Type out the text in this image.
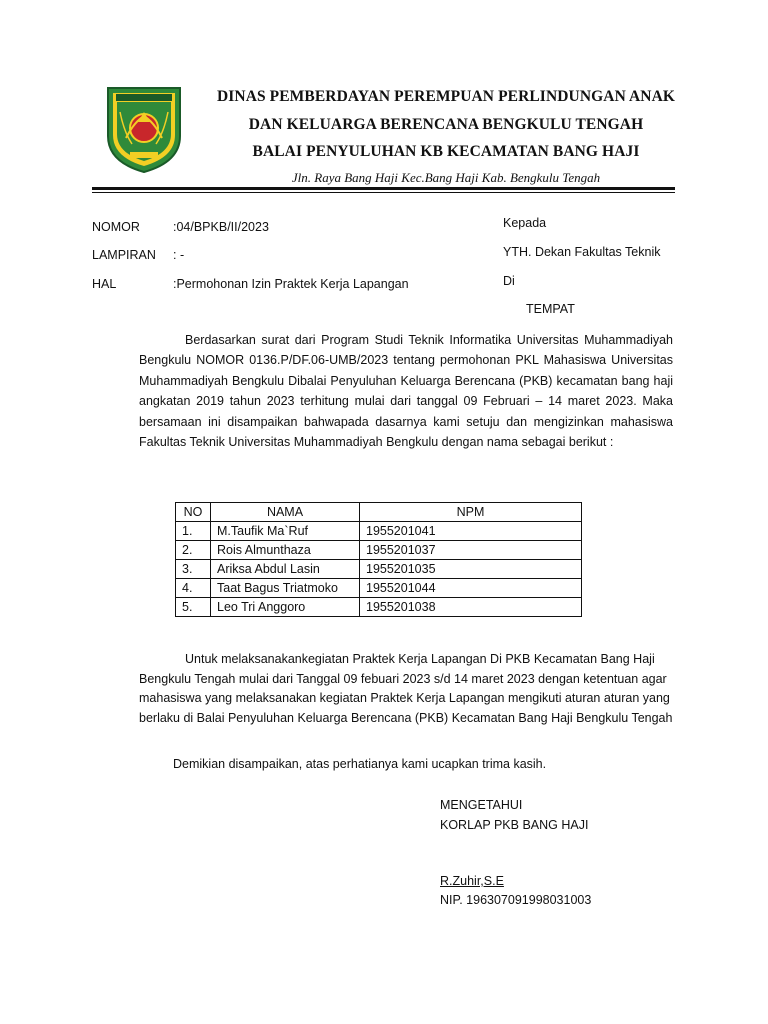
DINAS PEMBERDAYAN PEREMPUAN PERLINDUNGAN ANAK
DAN KELUARGA BERENCANA BENGKULU TENGAH
BALAI PENYULUHAN KB KECAMATAN BANG HAJI
Jln. Raya Bang Haji Kec.Bang Haji Kab. Bengkulu Tengah
NOMOR	:04/BPKB/II/2023
LAMPIRAN : -
HAL	:Permohonan Izin Praktek Kerja Lapangan
Kepada
YTH. Dekan Fakultas Teknik
Di
TEMPAT
Berdasarkan surat dari Program Studi Teknik Informatika Universitas Muhammadiyah Bengkulu NOMOR 0136.P/DF.06-UMB/2023 tentang permohonan PKL Mahasiswa Universitas Muhammadiyah Bengkulu Dibalai Penyuluhan Keluarga Berencana (PKB) kecamatan bang haji angkatan 2019 tahun 2023 terhitung mulai dari tanggal 09 Februari – 14 maret 2023. Maka bersamaan ini disampaikan bahwapada dasarnya kami setuju dan mengizinkan mahasiswa Fakultas Teknik Universitas Muhammadiyah Bengkulu dengan nama sebagai berikut :
NO	NAMA	NPM
1.	M.Taufik Ma`Ruf	1955201041
2.	Rois Almunthaza	1955201037
3.	Ariksa Abdul Lasin	1955201035
4.	Taat Bagus Triatmoko	1955201044
5.	Leo Tri Anggoro	1955201038
Untuk melaksanakankegiatan Praktek Kerja Lapangan Di PKB Kecamatan Bang Haji Bengkulu Tengah mulai dari Tanggal 09 febuari 2023 s/d 14 maret 2023 dengan ketentuan agar mahasiswa yang melaksanakan kegiatan Praktek Kerja Lapangan mengikuti aturan aturan yang berlaku di Balai Penyuluhan Keluarga Berencana (PKB) Kecamatan Bang Haji Bengkulu Tengah
Demikian disampaikan, atas perhatianya kami ucapkan trima kasih.
MENGETAHUI
KORLAP PKB BANG HAJI
R.Zuhir,S.E
NIP. 196307091998031003
